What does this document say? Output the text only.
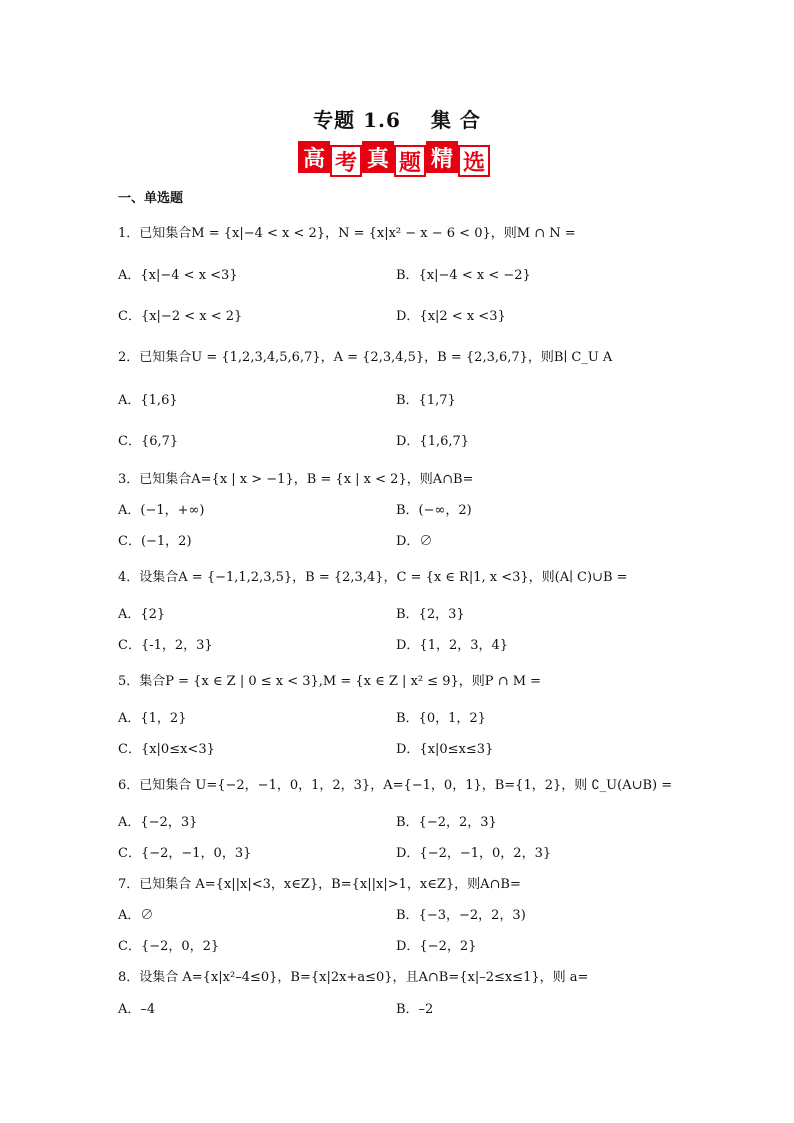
专题 1.6 集 合
高 考 真 题 精 选
一、单选题
1．已知集合M = {x|−4 < x < 2}，N = {x|x² − x − 6 < 0}，则M ∩ N =
A．{x|−4 < x <3}	B．{x|−4 < x < −2}
C．{x|−2 < x < 2}	D．{x|2 < x <3}
2．已知集合U = {1,2,3,4,5,6,7}，A = {2,3,4,5}，B = {2,3,6,7}，则B∣ C_U A
A．{1,6}	B．{1,7}
C．{6,7}	D．{1,6,7}
3．已知集合A={x | x > −1}，B = {x | x < 2}，则A∩B=
A．(−1，+∞)	B．(−∞，2)
C．(−1，2)	D．∅
4．设集合A = {−1,1,2,3,5}，B = {2,3,4}，C = {x ∈ R|1, x <3}，则(A∣ C)∪B =
A．{2}	B．{2，3}
C．{-1，2，3}	D．{1，2，3，4}
5．集合P = {x ∈ Z | 0 ≤ x < 3},M = {x ∈ Z | x² ≤ 9}，则P ∩ M =
A．{1，2}	B．{0，1，2}
C．{x|0≤x<3}	D．{x|0≤x≤3}
6．已知集合 U={−2，−1，0，1，2，3}，A={−1，0，1}，B={1，2}，则 ∁_U(A∪B) =
A．{−2，3}	B．{−2，2，3}
C．{−2，−1，0，3}	D．{−2，−1，0，2，3}
7．已知集合 A={x||x|<3，x∈Z}，B={x||x|>1，x∈Z}，则A∩B=
A．∅	B．{−3，−2，2，3)
C．{−2，0，2}	D．{−2，2}
8．设集合 A={x|x²–4≤0}，B={x|2x+a≤0}，且A∩B={x|–2≤x≤1}，则 a=
A．–4	B．–2
